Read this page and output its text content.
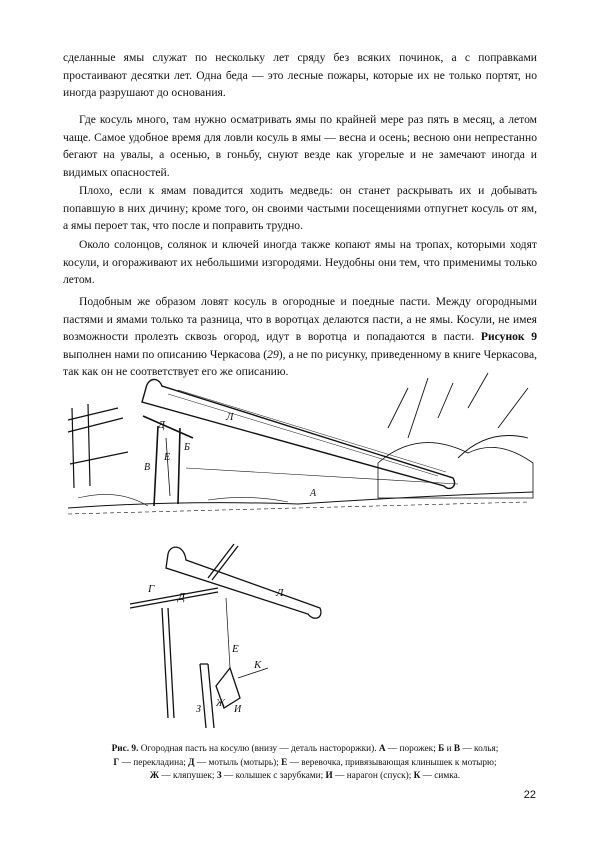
сделанные ямы служат по нескольку лет сряду без всяких починок, а с поправками простаивают десятки лет. Одна беда — это лесные пожары, которые их не только портят, но иногда разрушают до основания.

Где косуль много, там нужно осматривать ямы по крайней мере раз пять в месяц, а летом чаще. Самое удобное время для ловли косуль в ямы — весна и осень; весною они непрестанно бегают на увалы, а осенью, в гоньбу, снуют везде как угорелые и не замечают иногда и видимых опасностей.

Плохо, если к ямам повадится ходить медведь: он станет раскрывать их и добывать попавшую в них дичину; кроме того, он своими частыми посещениями отпугнет косуль от ям, а ямы пероет так, что после и поправить трудно.

Около солонцов, солянок и ключей иногда также копают ямы на тропах, которыми ходят косули, и огораживают их небольшими изгородями. Неудобны они тем, что применимы только летом.

Подобным же образом ловят косуль в огородные и поедные пасти. Между огородными пастями и ямами только та разница, что в воротцах делаются пасти, а не ямы. Косули, не имея возможности пролезть сквозь огород, идут в воротца и попадаются в пасти. Рисунок 9 выполнен нами по описанию Черкасова (29), а не по рисунку, приведенному в книге Черкасова, так как он не соответствует его же описанию.

Л
Д
Е
Б
В
А
Г
Д	Л
Е
К
Ж
З	И
Рис. 9. Огородная пасть на косулю (внизу — деталь настороржки). А — порожек; Б и В — колья;
Г — перекладина; Д — мотыль (мотырь); Е — веревочка, привязывающая клинышек к мотырю;
Ж — кляпушек; З — колышек с зарубками; И — нарагон (спуск); К — симка.
22
